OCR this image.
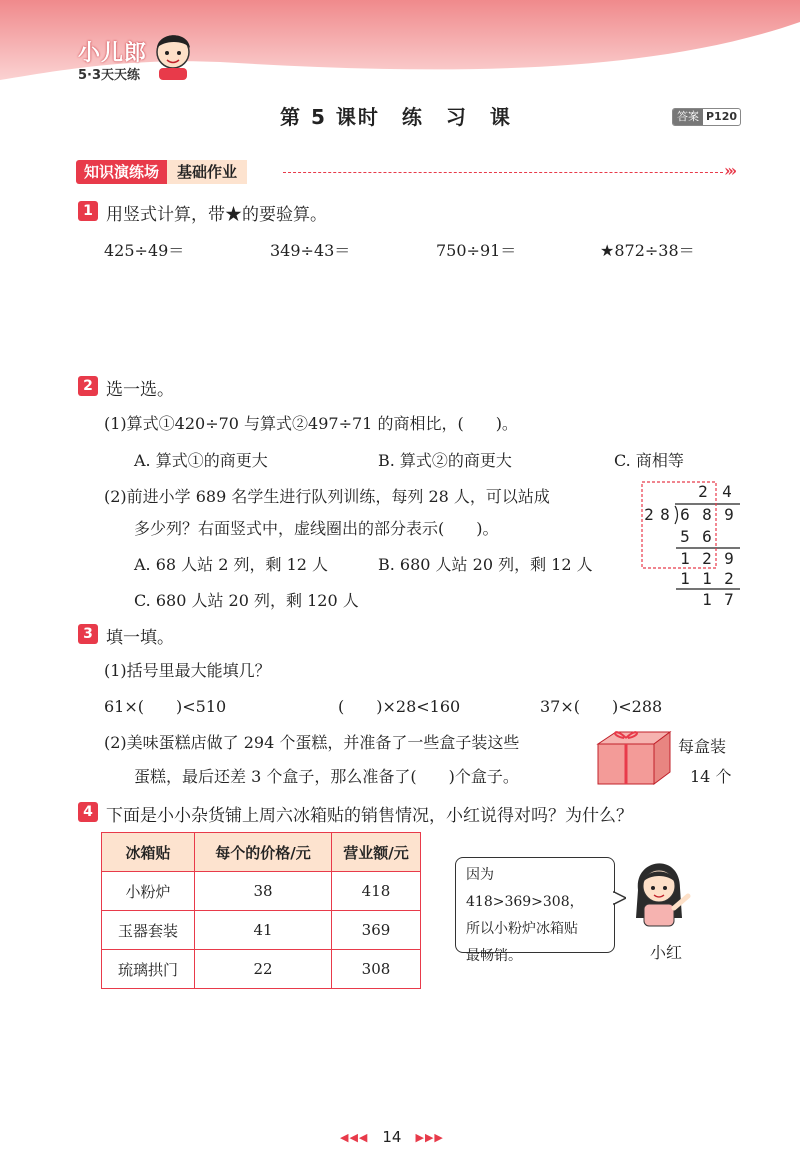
小儿郎
5·3天天练
第 5 课时　练　习　课	答案 P120
知识演练场	基础作业	›››
1 用竖式计算，带★的要验算。
425÷49＝	349÷43＝	750÷91＝	★872÷38＝
2 选一选。
(1)算式①420÷70 与算式②497÷71 的商相比，(　　)。
A. 算式①的商更大	B. 算式②的商更大	C. 商相等
(2)前进小学 689 名学生进行队列训练，每列 28 人，可以站成
多少列？右面竖式中，虚线圈出的部分表示(　　)。
A. 68 人站 2 列，剩 12 人	B. 680 人站 20 列，剩 12 人
C. 680 人站 20 列，剩 120 人
2 4
2 8 6 8 9
5 6
1 2 9
1 1 2
1 7
3 填一填。
(1)括号里最大能填几？
61×(　　)<510	(　　)×28<160	37×(　　)<288
(2)美味蛋糕店做了 294 个蛋糕，并准备了一些盒子装这些
蛋糕，最后还差 3 个盒子，那么准备了(　　)个盒子。
每盒装
14 个
4 下面是小小杂货铺上周六冰箱贴的销售情况，小红说得对吗？为什么？
冰箱贴	每个的价格/元	营业额/元
小粉炉	38	418
玉器套装	41	369
琉璃拱门	22	308
因为 418>369>308，
所以小粉炉冰箱贴
最畅销。	小红
◀◀◀ 14 ▶▶▶
